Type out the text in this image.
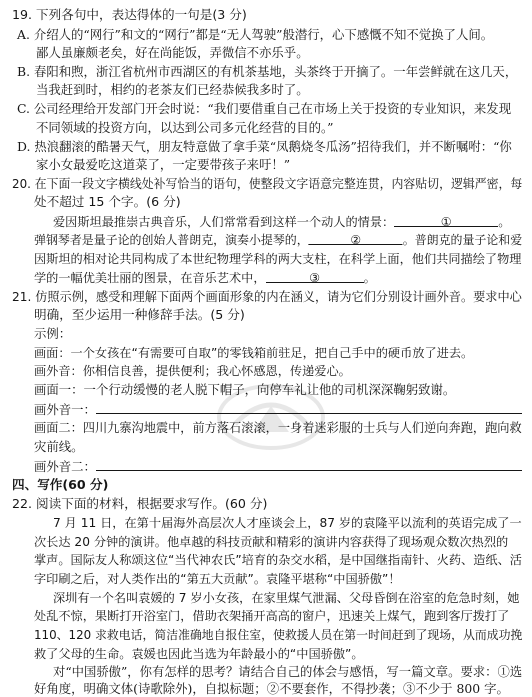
19. 下列各句中，表达得体的一句是(3 分)
A. 介绍人的“网行”和文的“网行”都是“无人驾驶”般潜行，心下感慨不知不觉换了人间。
鄙人虽廉颇老矣，好在尚能饭，弄微信不亦乐乎。
B. 春阳和煦，浙江省杭州市西湖区的有机茶基地，头茶终于开摘了。一年尝鲜就在这几天，
当我赶到时，相约的老茶友们已经恭候我多时了。
C. 公司经理给开发部门开会时说：“我们要借重自己在市场上关于投资的专业知识，来发现
不同领域的投资方向，以达到公司多元化经营的目的。”
D. 热浪翻滚的酷暑天气，朋友特意做了拿手菜“凤鹅烧冬瓜汤”招待我们，并不断嘱咐：“你
家小女最爱吃这道菜了，一定要带孩子来吁！”
20. 在下面一段文字横线处补写恰当的语句，使整段文字语意完整连贯，内容贴切，逻辑严密，每
处不超过 15 个字。(6 分)
爱因斯坦最推崇古典音乐，人们常常看到这样一个动人的情景：	①	。
弹钢琴者是量子论的创始人普朗克，演奏小提琴的，	②	。普朗克的量子论和爱
因斯坦的相对论共同构成了本世纪物理学科的两大支柱，在科学上面，他们共同描绘了物理
学的一幅优美壮丽的图景，在音乐艺术中，	③	。
21. 仿照示例，感受和理解下面两个画面形象的内在涵义，请为它们分别设计画外音。要求中心
明确，至少运用一种修辞手法。(5 分)
示例：
画面：一个女孩在“有需要可自取”的零钱箱前驻足，把自己手中的硬币放了进去。
画外音：你相信良善，提供便利；我心怀感恩，传递爱心。
画面一：一个行动缓慢的老人脱下帽子，向停车礼让他的司机深深鞠躬致谢。
画外音一：
画面二：四川九寨沟地震中，前方落石滚滚，一身着迷彩服的士兵与人们逆向奔跑，跑向救
灾前线。
画外音二：
四、写作(60 分)
22. 阅读下面的材料，根据要求写作。(60 分)
7 月 11 日，在第十届海外高层次人才座谈会上，87 岁的袁隆平以流利的英语完成了一
次长达 20 分钟的演讲。他卓越的科技贡献和精彩的演讲内容获得了现场观众数次热烈的
掌声。国际友人称颂这位“当代神农氏”培育的杂交水稻，是中国继指南针、火药、造纸、活
字印刷之后，对人类作出的“第五大贡献”。袁隆平堪称“中国骄傲”！
深圳有一个名叫袁媛的 7 岁小女孩，在家里煤气泄漏、父母昏倒在浴室的危急时刻，她
处乱不惊，果断打开浴室门，借助衣架捅开高高的窗户，迅速关上煤气，跑到客厅拨打了
110、120 求救电话，简洁准确地自报住室，使救援人员在第一时间赶到了现场，从而成功挽
救了父母的生命。袁媛也因此当选为年龄最小的“中国骄傲”。
对“中国骄傲”，你有怎样的思考？请结合自己的体会与感悟，写一篇文章。要求：①选
好角度，明确文体(诗歌除外)，自拟标题；②不要套作，不得抄袭；③不少于 800 字。
